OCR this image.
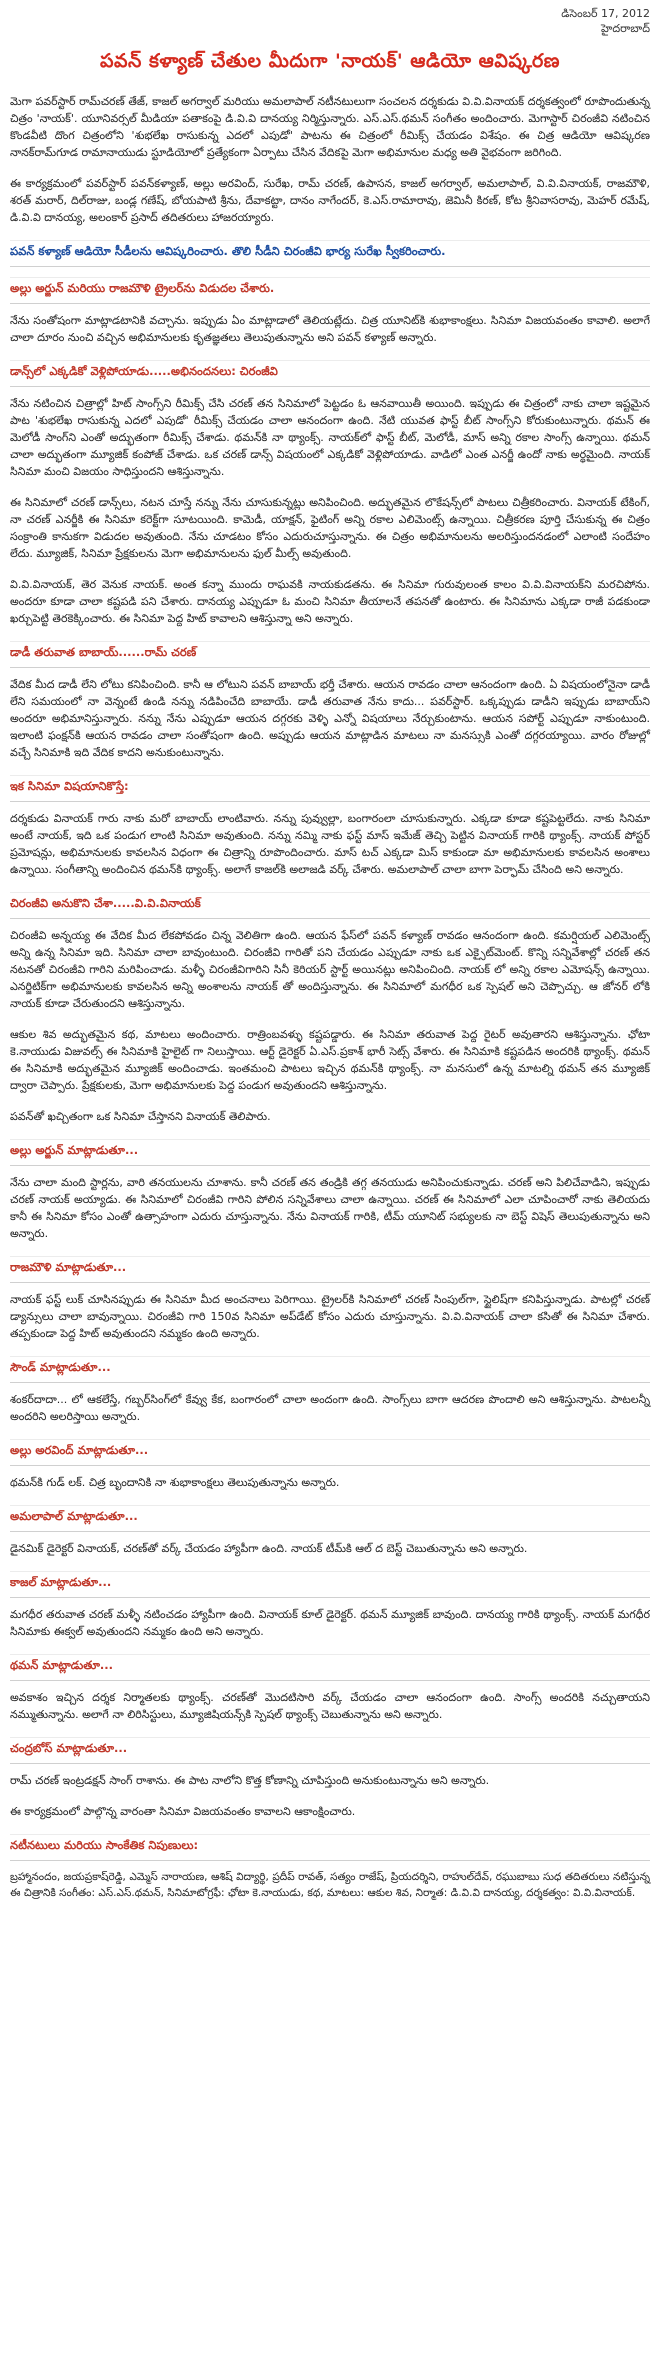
డిసెంబర్ 17, 2012
హైదరాబాద్
పవన్ కళ్యాణ్ చేతుల మీదుగా 'నాయక్' ఆడియో ఆవిష్కరణ

మెగా పవర్‌స్టార్ రామ్‌చరణ్ తేజ్, కాజల్ అగర్వాల్ మరియు అమలాపాల్ నటీనటులుగా సంచలన దర్శకుడు వి.వి.వినాయక్ దర్శకత్వంలో రూపొందుతున్న చిత్రం 'నాయక్'. యూనివర్సల్ మీడియా పతాకంపై డి.వి.వి దానయ్య నిర్మిస్తున్నారు. ఎస్.ఎస్.థమన్ సంగీతం అందించారు. మెగాస్టార్ చిరంజీవి నటించిన కొండవీటి దొంగ చిత్రంలోని 'శుభలేఖ రాసుకున్న ఎదలో ఎపుడో' పాటను ఈ చిత్రంలో రీమిక్స్ చేయడం విశేషం. ఈ చిత్ర ఆడియో ఆవిష్కరణ నానక్‌రామ్‌గూడ రామానాయుడు స్టూడియోలో ప్రత్యేకంగా ఏర్పాటు చేసిన వేదికపై మెగా అభిమానుల మధ్య అతి వైభవంగా జరిగింది.

ఈ కార్యక్రమంలో పవర్‌స్టార్ పవన్‌కళ్యాణ్, అల్లు అరవింద్, సురేఖ, రామ్ చరణ్, ఉపాసన, కాజల్ అగర్వాల్, అమలాపాల్, వి.వి.వినాయక్, రాజమౌళి, శరత్ మరార్, దిల్‌రాజు, బండ్ల గణేష్, బోయపాటి శ్రీను, దేవాకట్టా, దానం నాగేందర్, కె.ఎస్.రామారావు, జెమినీ కిరణ్, కోట శ్రీనివాసరావు, మెహర్ రమేష్, డి.వి.వి దానయ్య, అలంకార్ ప్రసాద్ తదితరులు హాజరయ్యారు.

పవన్ కళ్యాణ్ ఆడియో సీడీలను ఆవిష్కరించారు. తొలి సీడీని చిరంజీవి భార్య సురేఖ స్వీకరించారు.
అల్లు అర్జున్ మరియు రాజమౌళి ట్రైలర్‌ను విడుదల చేశారు.

నేను సంతోషంగా మాట్లాడటానికి వచ్చాను. ఇప్పుడు ఏం మాట్లాడాలో తెలియట్లేదు. చిత్ర యూనిట్‌కి శుభాకాంక్షలు. సినిమా విజయవంతం కావాలి. అలాగే చాలా దూరం నుంచి వచ్చిన అభిమానులకు కృతజ్ఞతలు తెలుపుతున్నాను అని పవన్ కళ్యాణ్ అన్నారు.

డాన్స్‌లో ఎక్కడికో వెళ్లిపోయాడు.....అభినందనలు: చిరంజీవి

నేను నటించిన చిత్రాల్లో హిట్ సాంగ్స్‌ని రీమిక్స్ చేసి చరణ్ తన సినిమాలో పెట్టడం ఓ ఆనవాయితీ అయింది. ఇప్పుడు ఈ చిత్రంలో నాకు చాలా ఇష్టమైన పాట 'శుభలేఖ రాసుకున్న ఎదలో ఎపుడో' రీమిక్స్ చేయడం చాలా ఆనందంగా ఉంది. నేటి యువత ఫాస్ట్ బీట్ సాంగ్స్‌ని కోరుకుంటున్నారు. థమన్ ఈ మెలోడీ సాంగ్‌ని ఎంతో అద్భుతంగా రీమిక్స్ చేశాడు. థమన్‌కి నా థ్యాంక్స్. నాయక్‌లో ఫాస్ట్ బీట్, మెలోడీ, మాస్ అన్ని రకాల సాంగ్స్ ఉన్నాయి. థమన్ చాలా అద్భుతంగా మ్యూజిక్ కంపోజ్ చేశాడు. ఒక చరణ్ డాన్స్ విషయంలో ఎక్కడికో వెళ్లిపోయాడు. వాడిలో ఎంత ఎనర్జీ ఉందో నాకు అర్థమైంది. నాయక్ సినిమా మంచి విజయం సాధిస్తుందని ఆశిస్తున్నాను.

ఈ సినిమాలో చరణ్ డాన్స్‌లు, నటన చూస్తే నన్ను నేను చూసుకున్నట్లు అనిపించింది. అద్భుతమైన లొకేషన్స్‌లో పాటలు చిత్రీకరించారు. వినాయక్ టేకింగ్, నా చరణ్ ఎనర్జీకి ఈ సినిమా కరెక్ట్‌గా సూటయింది. కామెడీ, యాక్షన్, ఫైటింగ్ అన్ని రకాల ఎలిమెంట్స్ ఉన్నాయి. చిత్రీకరణ పూర్తి చేసుకున్న ఈ చిత్రం సంక్రాంతి కానుకగా విడుదల అవుతుంది. నేను చూడటం కోసం ఎదురుచూస్తున్నాను. ఈ చిత్రం అభిమానులను అలరిస్తుందనడంలో ఎలాంటి సందేహం లేదు. మ్యూజిక్, సినిమా ప్రేక్షకులను మెగా అభిమానులను ఫుల్ మీల్స్ అవుతుంది.

వి.వి.వినాయక్, తెర వెనుక నాయక్. అంత కన్నా ముందు రాఘవకి నాయకుడతను. ఈ సినిమా గురువులంత కాలం వి.వి.వినాయక్‌ని మరచిపోను. అందరూ కూడా చాలా కష్టపడి పని చేశారు. దానయ్య ఎప్పుడూ ఓ మంచి సినిమా తీయాలనే తపనతో ఉంటారు. ఈ సినిమాను ఎక్కడా రాజీ పడకుండా ఖర్చుపెట్టి తెరకెక్కించారు. ఈ సినిమా పెద్ద హిట్ కావాలని ఆశిస్తున్నా అని అన్నారు.

డాడీ తరువాత బాబాయ్......రామ్ చరణ్

వేదిక మీద డాడీ లేని లోటు కనిపించింది. కానీ ఆ లోటుని పవన్ బాబాయ్ భర్తీ చేశారు. ఆయన రావడం చాలా ఆనందంగా ఉంది. ఏ విషయంలోనైనా డాడీ లేని సమయంలో నా వెన్నంటే ఉండి నన్ను నడిపించేది బాబాయే. డాడీ తరువాత నేను కాదు... పవర్‌స్టార్. ఒక్కప్పుడు డాడీని ఇప్పుడు బాబాయ్‌ని అందరూ అభిమానిస్తున్నారు. నన్ను నేను ఎప్పుడూ ఆయన దగ్గరకు వెళ్ళి ఎన్నో విషయాలు నేర్చుకుంటాను. ఆయన సపోర్ట్ ఎప్పుడూ నాకుంటుంది. ఇలాంటి ఫంక్షన్‌కి ఆయన రావడం చాలా సంతోషంగా ఉంది. అప్పుడు ఆయన మాట్లాడిన మాటలు నా మనస్సుకి ఎంతో దగ్గరయ్యాయి. వారం రోజుల్లో వచ్చే సినిమాకి ఇది వేదిక కాదని అనుకుంటున్నాను.

ఇక సినిమా విషయానికొస్తే:

దర్శకుడు వినాయక్ గారు నాకు మరో బాబాయ్ లాంటివారు. నన్ను పువ్వుల్లా, బంగారంలా చూసుకున్నారు. ఎక్కడా కూడా కష్టపెట్టలేదు. నాకు సినిమా అంటే నాయక్, ఇది ఒక పండుగ లాంటి సినిమా అవుతుంది. నన్ను నమ్మి నాకు ఫస్ట్ మాస్ ఇమేజ్ తెచ్చి పెట్టిన వినాయక్ గారికి థ్యాంక్స్. నాయక్ పోస్టర్ ప్రమోషన్లు, అభిమానులకు కావలసిన విధంగా ఈ చిత్రాన్ని రూపొందించారు. మాస్ టచ్ ఎక్కడా మిస్ కాకుండా మా అభిమానులకు కావలసిన అంశాలు ఉన్నాయి. సంగీతాన్ని అందించిన థమన్‌కి థ్యాంక్స్. అలాగే కాజల్‌కి అలాజడి వర్క్ చేశారు. అమలాపాల్ చాలా బాగా పెర్ఫామ్ చేసింది అని అన్నారు.

చిరంజీవి అనుకొని చేశా.....వి.వి.వినాయక్

చిరంజీవి అన్నయ్య ఈ వేదిక మీద లేకపోవడం చిన్న వెలితిగా ఉంది. ఆయన ఫేస్‌లో పవన్ కళ్యాణ్ రావడం ఆనందంగా ఉంది. కమర్షియల్ ఎలిమెంట్స్ అన్ని ఉన్న సినిమా ఇది. సినిమా చాలా బావుంటుంది. చిరంజీవి గారితో పని చేయడం ఎప్పుడూ నాకు ఒక ఎక్సైట్‌మెంట్. కొన్ని సన్నివేశాల్లో చరణ్ తన నటనతో చిరంజీవి గారిని మరిపించాడు. మళ్ళీ చిరంజీవిగారిని సినీ కెరియర్ స్టార్ట్ అయినట్లు అనిపించింది. నాయక్ లో అన్ని రకాల ఎమోషన్స్ ఉన్నాయి. ఎనర్జిటిక్‌గా అభిమానులకు కావలసిన అన్ని అంశాలను నాయక్ తో అందిస్తున్నాను. ఈ సినిమాలో మగధీర ఒక స్పెషల్ అని చెప్పొచ్చు. ఆ జోనర్ లోకి నాయక్ కూడా చేరుతుందని ఆశిస్తున్నాను.

ఆకుల శివ అద్భుతమైన కథ, మాటలు అందించారు. రాత్రింబవళ్ళు కష్టపడ్డారు. ఈ సినిమా తరువాత పెద్ద రైటర్ అవుతారని ఆశిస్తున్నాను. ఛోటా కె.నాయుడు విజువల్స్ ఈ సినిమాకి హైలైట్ గా నిలుస్తాయి. ఆర్ట్ డైరెక్టర్ ఏ.ఎస్.ప్రకాశ్ భారీ సెట్స్ వేశారు. ఈ సినిమాకి కష్టపడిన అందరికి థ్యాంక్స్. థమన్ ఈ సినిమాకి అద్భుతమైన మ్యూజిక్ అందించాడు. ఇంతమంచి పాటలు ఇచ్చిన థమన్‌కి థ్యాంక్స్. నా మనసులో ఉన్న మాటల్ని థమన్ తన మ్యూజిక్ ద్వారా చెప్పారు. ప్రేక్షకులకు, మెగా అభిమానులకు పెద్ద పండుగ అవుతుందని ఆశిస్తున్నాను.

పవన్‌తో ఖచ్చితంగా ఒక సినిమా చేస్తానని వినాయక్ తెలిపారు.

అల్లు అర్జున్ మాట్లాడుతూ...

నేను చాలా మంది స్టార్లను, వారి తనయులను చూశాను. కానీ చరణ్ తన తండ్రికి తగ్గ తనయుడు అనిపించుకున్నాడు. చరణ్ అని పిలిచేవాడిని, ఇప్పుడు చరణ్ నాయక్ అయ్యాడు. ఈ సినిమాలో చిరంజీవి గారిని పోలిన సన్నివేశాలు చాలా ఉన్నాయి. చరణ్ ఈ సినిమాలో ఎలా చూపించారో నాకు తెలియదు కానీ ఈ సినిమా కోసం ఎంతో ఉత్సాహంగా ఎదురు చూస్తున్నాను. నేను వినాయక్ గారికి, టీమ్ యూనిట్ సభ్యులకు నా బెస్ట్ విషెస్ తెలుపుతున్నాను అని అన్నారు.

రాజమౌళి మాట్లాడుతూ...

నాయక్ ఫస్ట్ లుక్ చూసినప్పుడు ఈ సినిమా మీద అంచనాలు పెరిగాయి. ట్రైలర్‌కి సినిమాలో చరణ్ సింపుల్‌గా, స్టైలిష్‌గా కనిపిస్తున్నాడు. పాటల్లో చరణ్ డ్యాన్సులు చాలా బావున్నాయి. చిరంజీవి గారి 150వ సినిమా అప్‌డేట్ కోసం ఎదురు చూస్తున్నాను. వి.వి.వినాయక్ చాలా కసితో ఈ సినిమా చేశారు. తప్పకుండా పెద్ద హిట్ అవుతుందని నమ్మకం ఉంది అన్నారు.

సౌండ్ మాట్లాడుతూ...

శంకర్‌దాదా... లో ఆకలేస్తే, గబ్బర్‌సింగ్‌లో కేవ్వు కేక, బంగారంలో చాలా అందంగా ఉంది. సాంగ్స్‌లు బాగా ఆదరణ పొందాలి అని ఆశిస్తున్నాను. పాటలన్నీ అందరిని అలరిస్తాయి అన్నారు.

అల్లు అరవింద్ మాట్లాడుతూ...

థమన్‌కి గుడ్ లక్. చిత్ర బృందానికి నా శుభాకాంక్షలు తెలుపుతున్నాను అన్నారు.

అమలాపాల్ మాట్లాడుతూ...

డైనమిక్ డైరెక్టర్ వినాయక్, చరణ్‌తో వర్క్ చేయడం హ్యాపీగా ఉంది. నాయక్ టీమ్‌కి ఆల్ ద బెస్ట్ చెబుతున్నాను అని అన్నారు.

కాజల్ మాట్లాడుతూ...

మగధీర తరువాత చరణ్ మళ్ళీ నటించడం హ్యాపీగా ఉంది. వినాయక్ కూల్ డైరెక్టర్. థమన్ మ్యూజిక్ బావుంది. దానయ్య గారికి థ్యాంక్స్. నాయక్ మగధీర సినిమాకు ఈక్వల్ అవుతుందని నమ్మకం ఉంది అని అన్నారు.

థమన్ మాట్లాడుతూ...

అవకాశం ఇచ్చిన దర్శక నిర్మాతలకు థ్యాంక్స్. చరణ్‌తో మొదటిసారి వర్క్ చేయడం చాలా ఆనందంగా ఉంది. సాంగ్స్ అందరికి నచ్చుతాయని నమ్ముతున్నాను. అలాగే నా లిరిసిస్టులు, మ్యూజిషియన్స్‌కి స్పెషల్ థ్యాంక్స్ చెబుతున్నాను అని అన్నారు.

చంద్రబోస్ మాట్లాడుతూ...

రామ్ చరణ్ ఇంట్రడక్షన్ సాంగ్ రాశాను. ఈ పాట నాలోని కొత్త కోణాన్ని చూపిస్తుంది అనుకుంటున్నాను అని అన్నారు.

ఈ కార్యక్రమంలో పాల్గొన్న వారంతా సినిమా విజయవంతం కావాలని ఆకాంక్షించారు.

నటీనటులు మరియు సాంకేతిక నిపుణులు:

బ్రహ్మానందం, జయప్రకాష్‌రెడ్డి, ఎమ్మెస్ నారాయణ, ఆశిష్ విద్యార్థి, ప్రదీప్ రావత్, సత్యం రాజేష్, ప్రియదర్శిని, రాహుల్‌దేవ్, రఘుబాబు సుధ తదితరులు నటిస్తున్న ఈ చిత్రానికి సంగీతం: ఎస్.ఎస్.థమన్, సినిమాటోగ్రఫీ: ఛోటా కె.నాయుడు, కథ, మాటలు: ఆకుల శివ, నిర్మాత: డి.వి.వి దానయ్య, దర్శకత్వం: వి.వి.వినాయక్.
